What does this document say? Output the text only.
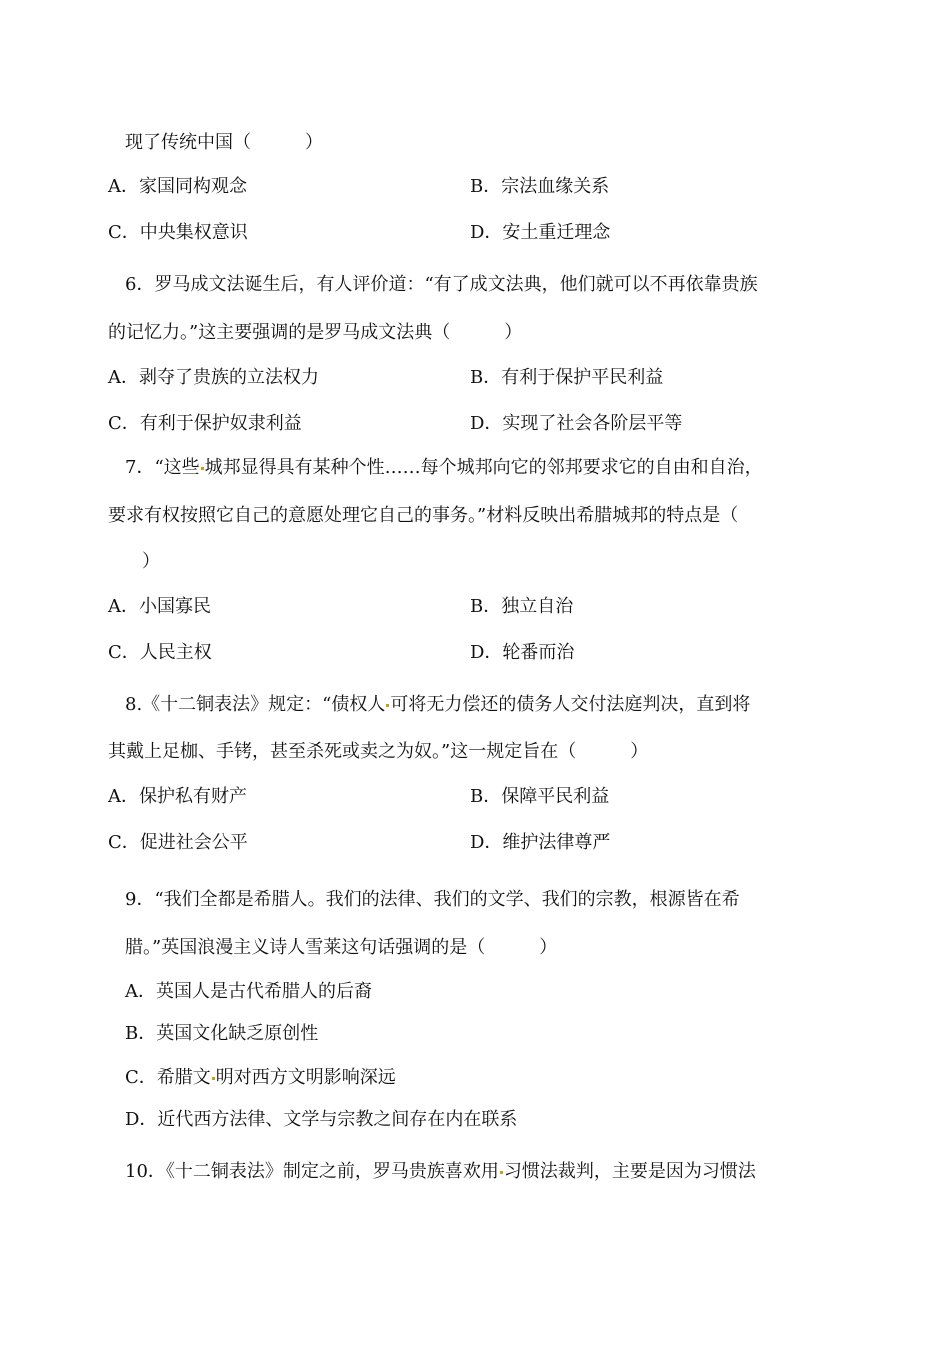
现了传统中国（　　　）
A．家国同构观念	B．宗法血缘关系
C．中央集权意识	D．安土重迁理念
6．罗马成文法诞生后，有人评价道：“有了成文法典，他们就可以不再依靠贵族
的记忆力。”这主要强调的是罗马成文法典（　　　）
A．剥夺了贵族的立法权力	B．有利于保护平民利益
C．有利于保护奴隶利益	D．实现了社会各阶层平等
7．“这些 城邦显得具有某种个性……每个城邦向它的邻邦要求它的自由和自治，
要求有权按照它自己的意愿处理它自己的事务。”材料反映出希腊城邦的特点是（
）
A．小国寡民	B．独立自治
C．人民主权	D．轮番而治
8.《十二铜表法》规定：“债权人 可将无力偿还的债务人交付法庭判决，直到将
其戴上足枷、手铐，甚至杀死或卖之为奴。”这一规定旨在（　　　）
A．保护私有财产	B．保障平民利益
C．促进社会公平	D．维护法律尊严
9．“我们全都是希腊人。我们的法律、我们的文学、我们的宗教，根源皆在希
腊。”英国浪漫主义诗人雪莱这句话强调的是（　　　）
A．英国人是古代希腊人的后裔
B．英国文化缺乏原创性
C．希腊文 明对西方文明影响深远
D．近代西方法律、文学与宗教之间存在内在联系
10．《十二铜表法》制定之前，罗马贵族喜欢用 习惯法裁判，主要是因为习惯法
